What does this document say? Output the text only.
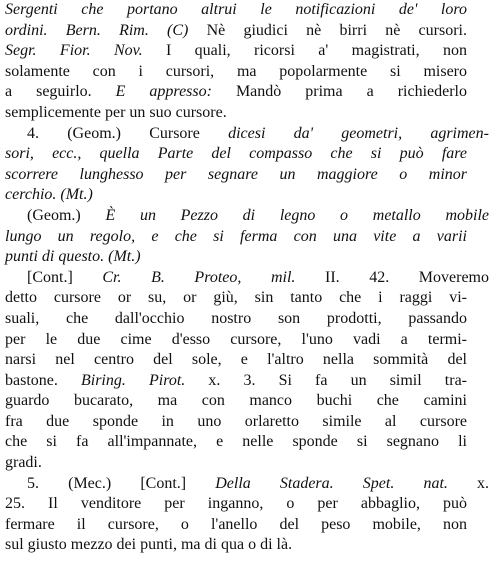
Sergenti che portano altrui le notificazioni de' loro
ordini. Bern. Rim. (C) Nè giudici nè birri nè cursori.
Segr. Fior. Nov. I quali, ricorsi a' magistrati, non
solamente con i cursori, ma popolarmente si misero
a seguirlo. E appresso: Mandò prima a richiederlo
semplicemente per un suo cursore.
4. (Geom.) Cursore dicesi da' geometri, agrimen-
sori, ecc., quella Parte del compasso che si può fare
scorrere lunghesso per segnare un maggiore o minor
cerchio. (Mt.)
(Geom.) È un Pezzo di legno o metallo mobile
lungo un regolo, e che si ferma con una vite a varii
punti di questo. (Mt.)
[Cont.] Cr. B. Proteo, mil. II. 42. Moveremo
detto cursore or su, or giù, sin tanto che i raggi vi-
suali, che dall'occhio nostro son prodotti, passando
per le due cime d'esso cursore, l'uno vadi a termi-
narsi nel centro del sole, e l'altro nella sommità del
bastone. Biring. Pirot. x. 3. Si fa un simil tra-
guardo bucarato, ma con manco buchi che camini
fra due sponde in uno orlaretto simile al cursore
che si fa all'impannate, e nelle sponde si segnano li
gradi.
5. (Mec.) [Cont.] Della Stadera. Spet. nat. x.
25. Il venditore per inganno, o per abbaglio, può
fermare il cursore, o l'anello del peso mobile, non
sul giusto mezzo dei punti, ma di qua o di là.
